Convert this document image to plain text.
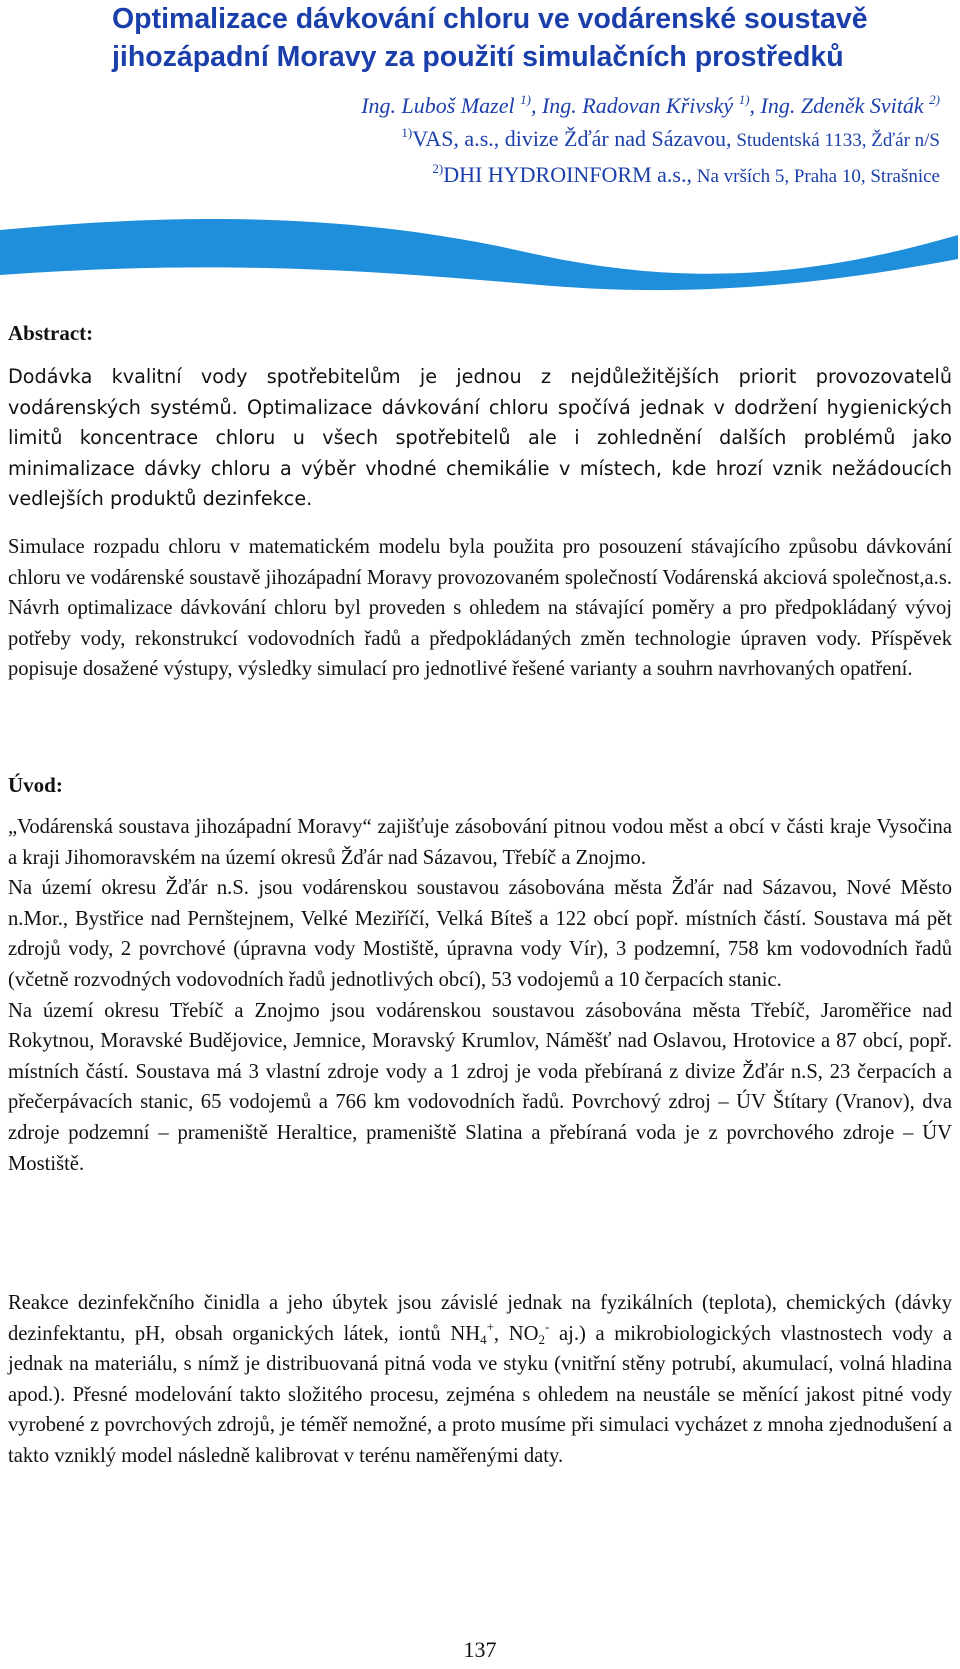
Optimalizace dávkování chloru ve vodárenské soustavě jihozápadní Moravy za použití simulačních prostředků
Ing. Luboš Mazel $^{1)}$, Ing. Radovan Křivský $^{1)}$, Ing. Zdeněk Sviták $^{2)}$
$^{1)}$VAS, a.s., divize Žďár nad Sázavou, Studentská 1133, Žďár n/S
$^{2)}$DHI HYDROINFORM a.s., Na vrších 5, Praha 10, Strašnice
Abstract:

Dodávka kvalitní vody spotřebitelům je jednou z nejdůležitějších priorit provozovatelů vodárenských systémů. Optimalizace dávkování chloru spočívá jednak v dodržení hygienických limitů koncentrace chloru u všech spotřebitelů ale i zohlednění dalších problémů jako minimalizace dávky chloru a výběr vhodné chemikálie v místech, kde hrozí vznik nežádoucích vedlejších produktů dezinfekce.

Simulace rozpadu chloru v matematickém modelu byla použita pro posouzení stávajícího způsobu dávkování chloru ve vodárenské soustavě jihozápadní Moravy provozovaném společností Vodárenská akciová společnost,a.s. Návrh optimalizace dávkování chloru byl proveden s ohledem na stávající poměry a pro předpokládaný vývoj potřeby vody, rekonstrukcí vodovodních řadů a předpokládaných změn technologie úpraven vody. Příspěvek popisuje dosažené výstupy, výsledky simulací pro jednotlivé řešené varianty a souhrn navrhovaných opatření.

Úvod:
„Vodárenská soustava jihozápadní Moravy“ zajišťuje zásobování pitnou vodou měst a obcí v části kraje Vysočina a kraji Jihomoravském na území okresů Žďár nad Sázavou, Třebíč a Znojmo.
Na území okresu Žďár n.S. jsou vodárenskou soustavou zásobována města Žďár nad Sázavou, Nové Město n.Mor., Bystřice nad Pernštejnem, Velké Meziříčí, Velká Bíteš a 122 obcí popř. místních částí. Soustava má pět zdrojů vody, 2 povrchové (úpravna vody Mostiště, úpravna vody Vír), 3 podzemní, 758 km vodovodních řadů (včetně rozvodných vodovodních řadů jednotlivých obcí), 53 vodojemů a 10 čerpacích stanic.
Na území okresu Třebíč a Znojmo jsou vodárenskou soustavou zásobována města Třebíč, Jaroměřice nad Rokytnou, Moravské Budějovice, Jemnice, Moravský Krumlov, Náměšť nad Oslavou, Hrotovice a 87 obcí, popř. místních částí. Soustava má 3 vlastní zdroje vody a 1 zdroj je voda přebíraná z divize Žďár n.S, 23 čerpacích a přečerpávacích stanic, 65 vodojemů a 766 km vodovodních řadů. Povrchový zdroj – ÚV Štítary (Vranov), dva zdroje podzemní – prameniště Heraltice, prameniště Slatina a přebíraná voda je z povrchového zdroje – ÚV Mostiště.

Reakce dezinfekčního činidla a jeho úbytek jsou závislé jednak na fyzikálních (teplota), chemických (dávky dezinfektantu, pH, obsah organických látek, iontů $NH_4^+$, $NO_2^-$ aj.) a mikrobiologických vlastnostech vody a jednak na materiálu, s nímž je distribuovaná pitná voda ve styku (vnitřní stěny potrubí, akumulací, volná hladina apod.). Přesné modelování takto složitého procesu, zejména s ohledem na neustále se měnící jakost pitné vody vyrobené z povrchových zdrojů, je téměř nemožné, a proto musíme při simulaci vycházet z mnoha zjednodušení a takto vzniklý model následně kalibrovat v terénu naměřenými daty.

137
